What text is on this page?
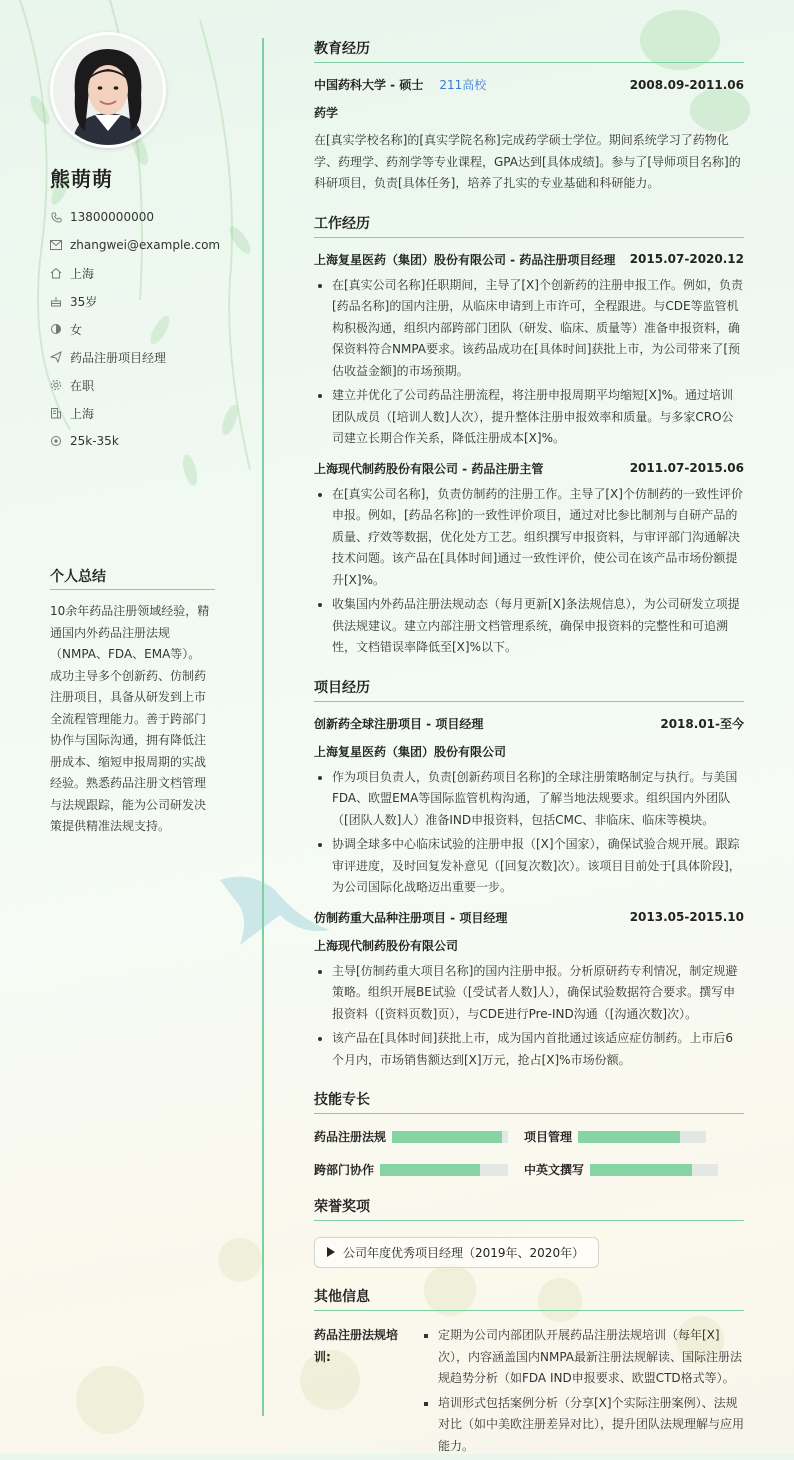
熊萌萌
13800000000
zhangwei@example.com
上海
35岁
女
药品注册项目经理
在职
上海
25k-35k
个人总结
10余年药品注册领域经验，精通国内外药品注册法规（NMPA、FDA、EMA等）。成功主导多个创新药、仿制药注册项目，具备从研发到上市全流程管理能力。善于跨部门协作与国际沟通，拥有降低注册成本、缩短申报周期的实战经验。熟悉药品注册文档管理与法规跟踪，能为公司研发决策提供精准法规支持。
教育经历
中国药科大学 - 硕士 211高校	2008.09-2011.06
药学
在[真实学校名称]的[真实学院名称]完成药学硕士学位。期间系统学习了药物化学、药理学、药剂学等专业课程，GPA达到[具体成绩]。参与了[导师项目名称]的科研项目，负责[具体任务]，培养了扎实的专业基础和科研能力。
工作经历
上海复星医药（集团）股份有限公司 - 药品注册项目经理 2015.07-2020.12
• 在[真实公司名称]任职期间，主导了[X]个创新药的注册申报工作。例如，负责[药品名称]的国内注册，从临床申请到上市许可，全程跟进。与CDE等监管机构积极沟通，组织内部跨部门团队（研发、临床、质量等）准备申报资料，确保资料符合NMPA要求。该药品成功在[具体时间]获批上市，为公司带来了[预估收益金额]的市场预期。
• 建立并优化了公司药品注册流程，将注册申报周期平均缩短[X]%。通过培训团队成员（[培训人数]人次），提升整体注册申报效率和质量。与多家CRO公司建立长期合作关系，降低注册成本[X]%。
上海现代制药股份有限公司 - 药品注册主管	2011.07-2015.06
• 在[真实公司名称]，负责仿制药的注册工作。主导了[X]个仿制药的一致性评价申报。例如，[药品名称]的一致性评价项目，通过对比参比制剂与自研产品的质量、疗效等数据，优化处方工艺。组织撰写申报资料，与审评部门沟通解决技术问题。该产品在[具体时间]通过一致性评价，使公司在该产品市场份额提升[X]%。
• 收集国内外药品注册法规动态（每月更新[X]条法规信息），为公司研发立项提供法规建议。建立内部注册文档管理系统，确保申报资料的完整性和可追溯性，文档错误率降低至[X]%以下。
项目经历
创新药全球注册项目 - 项目经理	2018.01-至今
上海复星医药（集团）股份有限公司
• 作为项目负责人，负责[创新药项目名称]的全球注册策略制定与执行。与美国FDA、欧盟EMA等国际监管机构沟通，了解当地法规要求。组织国内外团队（[团队人数]人）准备IND申报资料，包括CMC、非临床、临床等模块。
• 协调全球多中心临床试验的注册申报（[X]个国家），确保试验合规开展。跟踪审评进度，及时回复发补意见（[回复次数]次）。该项目目前处于[具体阶段]，为公司国际化战略迈出重要一步。
仿制药重大品种注册项目 - 项目经理	2013.05-2015.10
上海现代制药股份有限公司
• 主导[仿制药重大项目名称]的国内注册申报。分析原研药专利情况，制定规避策略。组织开展BE试验（[受试者人数]人），确保试验数据符合要求。撰写申报资料（[资料页数]页），与CDE进行Pre-IND沟通（[沟通次数]次）。
• 该产品在[具体时间]获批上市，成为国内首批通过该适应症仿制药。上市后6个月内，市场销售额达到[X]万元，抢占[X]%市场份额。
技能专长
药品注册法规	项目管理
跨部门协作	中英文撰写
荣誉奖项
公司年度优秀项目经理（2019年、2020年）
其他信息
药品注册法规培训:
▪ 定期为公司内部团队开展药品注册法规培训（每年[X]次），内容涵盖国内NMPA最新注册法规解读、国际注册法规趋势分析（如FDA IND申报要求、欧盟CTD格式等）。
▪ 培训形式包括案例分析（分享[X]个实际注册案例）、法规对比（如中美欧注册差异对比），提升团队法规理解与应用能力。
